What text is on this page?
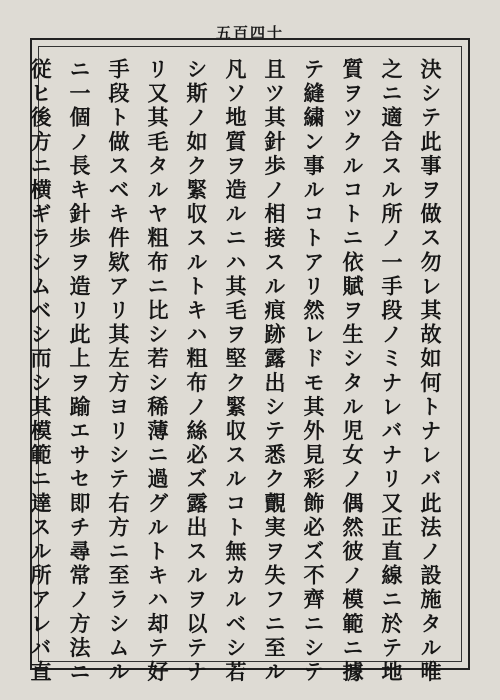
五百四十
決シテ此事ヲ做ス勿レ其故如何トナレバ此法ノ設施タル唯
之ニ適合スル所ノ一手段ノミナレバナリ又正直線ニ於テ地
質ヲツクルコトニ依賦ヲ生シタル児女ノ偶然彼ノ模範ニ據
テ縫繍ン事ルコトアリ然レドモ其外見彩飾必ズ不齊ニシテ
且ツ其針歩ノ相接スル痕跡露出シテ悉ク覿実ヲ失フニ至ル
凡ソ地質ヲ造ルニハ其毛ヲ堅ク緊収スルコト無カルベシ若
シ斯ノ如ク緊収スルトキハ粗布ノ絲必ズ露出スルヲ以テナ
リ又其毛タルヤ粗布ニ比シ若シ稀薄ニ過グルトキハ却テ好
手段ト做スベキ件欵アリ其左方ヨリシテ右方ニ至ラシムル
ニ一個ノ長キ針歩ヲ造リ此上ヲ踰エサセ即チ尋常ノ方法ニ
従ヒ後方ニ横ギラシムベシ而シ其模範ニ達スル所アレバ直
